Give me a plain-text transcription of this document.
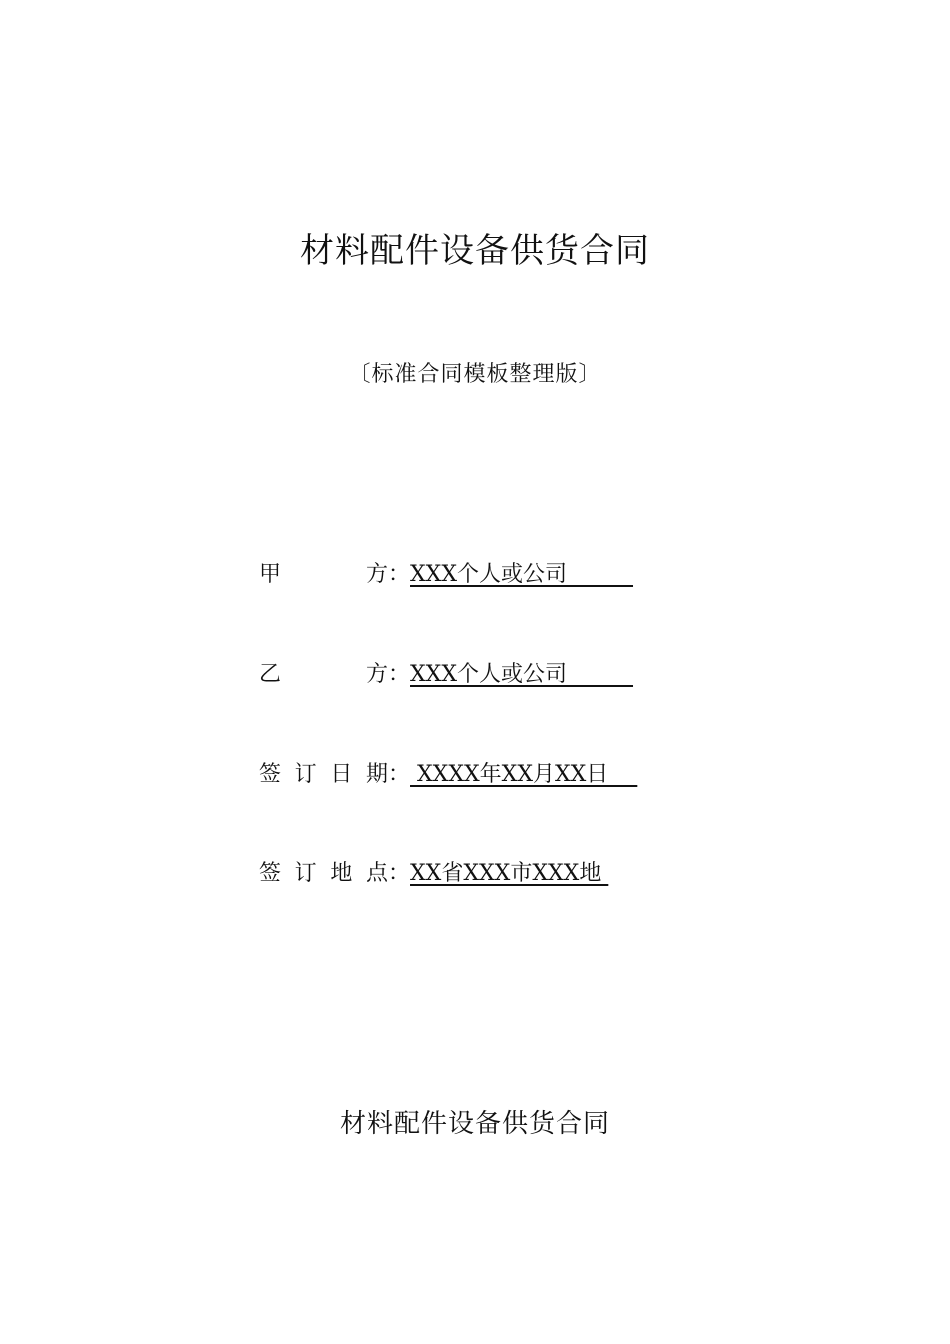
材料配件设备供货合同
〔标准合同模板整理版〕
甲　方 ： XXX个人或公司　　　
乙　方 ： XXX个人或公司　　　
签订日期 ： XXXX年XX月XX日　
签订地点 ： XX省XXX市XXX地
材料配件设备供货合同
